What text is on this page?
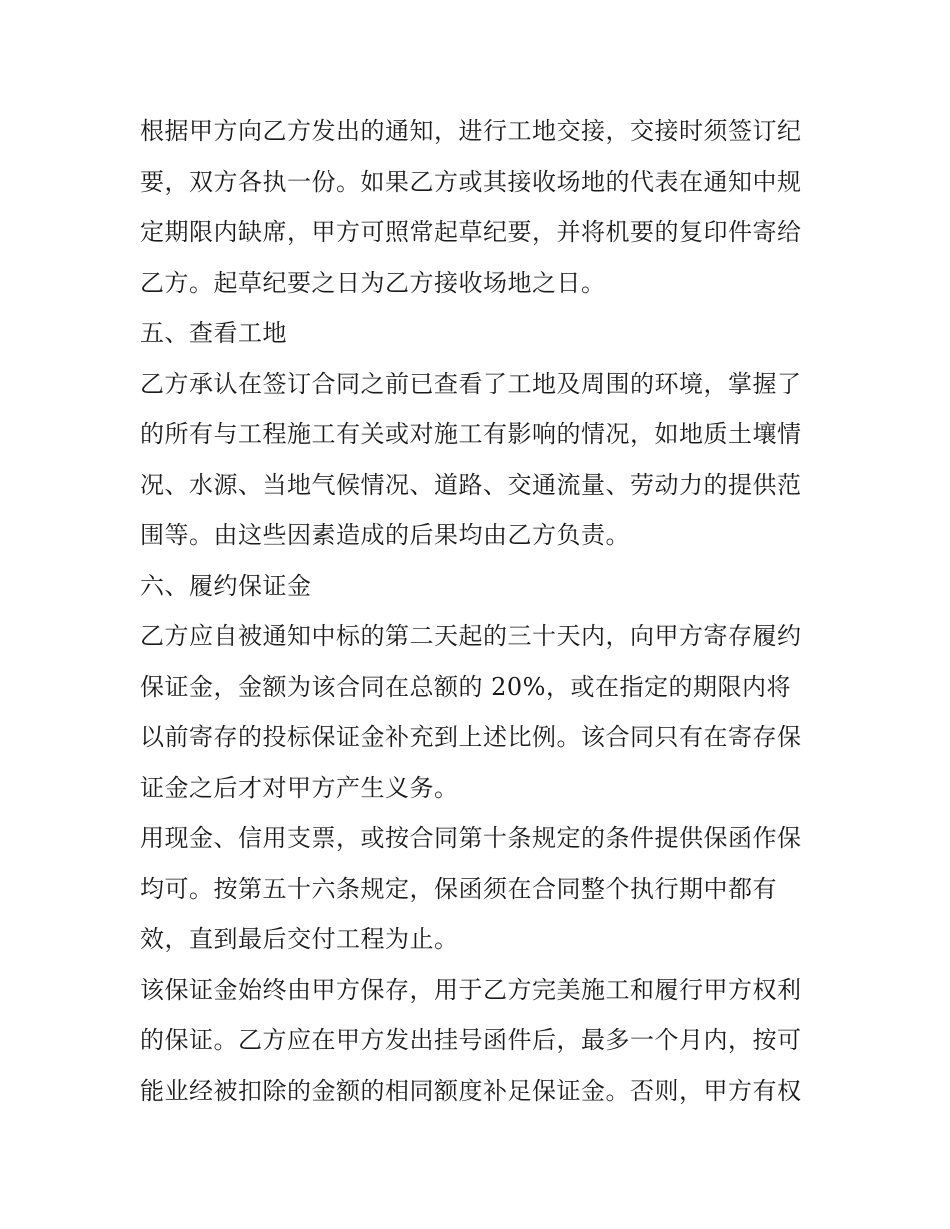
根据甲方向乙方发出的通知，进行工地交接，交接时须签订纪
要，双方各执一份。如果乙方或其接收场地的代表在通知中规
定期限内缺席，甲方可照常起草纪要，并将机要的复印件寄给
乙方。起草纪要之日为乙方接收场地之日。
五、查看工地
乙方承认在签订合同之前已查看了工地及周围的环境，掌握了
的所有与工程施工有关或对施工有影响的情况，如地质土壤情
况、水源、当地气候情况、道路、交通流量、劳动力的提供范
围等。由这些因素造成的后果均由乙方负责。
六、履约保证金
乙方应自被通知中标的第二天起的三十天内，向甲方寄存履约
保证金，金额为该合同在总额的 20%，或在指定的期限内将
以前寄存的投标保证金补充到上述比例。该合同只有在寄存保
证金之后才对甲方产生义务。
用现金、信用支票，或按合同第十条规定的条件提供保函作保
均可。按第五十六条规定，保函须在合同整个执行期中都有
效，直到最后交付工程为止。
该保证金始终由甲方保存，用于乙方完美施工和履行甲方权利
的保证。乙方应在甲方发出挂号函件后，最多一个月内，按可
能业经被扣除的金额的相同额度补足保证金。否则，甲方有权
